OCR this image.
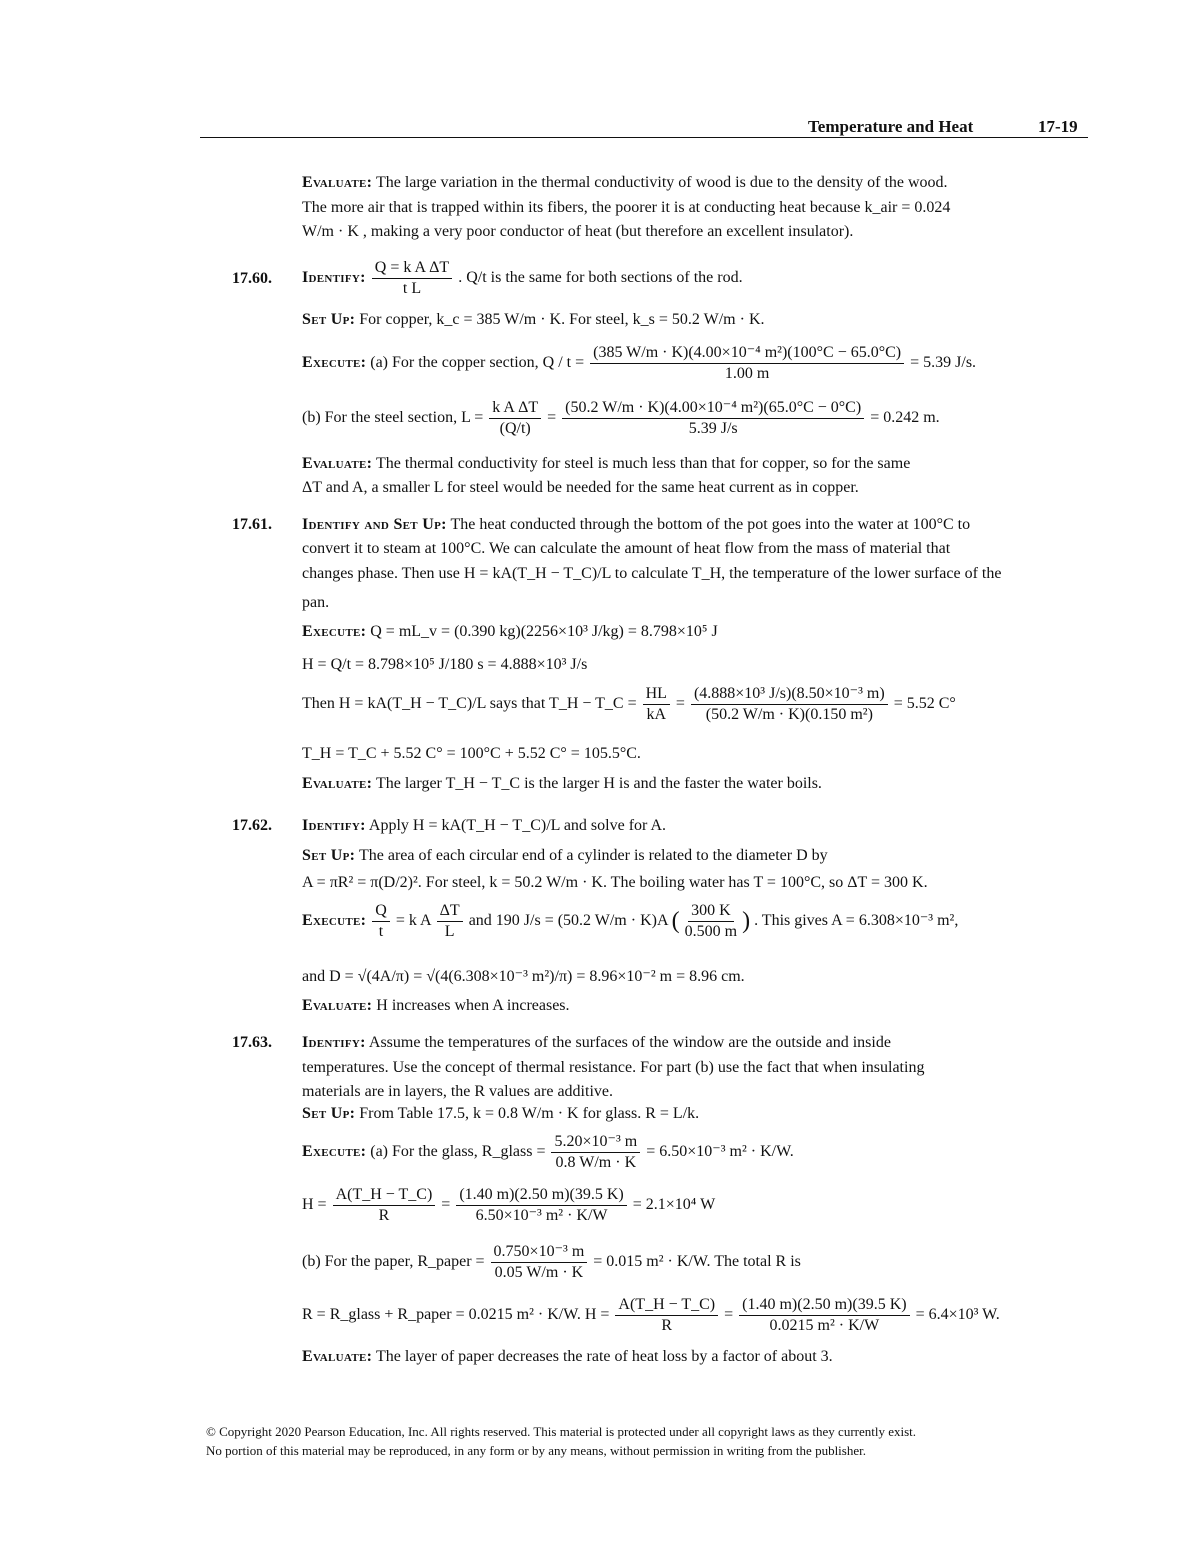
Temperature and Heat	17-19
Evaluate: The large variation in the thermal conductivity of wood is due to the density of the wood.
The more air that is trapped within its fibers, the poorer it is at conducting heat because k_air = 0.024
W/m · K , making a very poor conductor of heat (but therefore an excellent insulator).
17.60. Identify: $\frac{\text{Q = k A ΔT}}{\text{t L}}$ . Q/t is the same for both sections of the rod.
Set Up: For copper, k_c = 385 W/m · K. For steel, k_s = 50.2 W/m · K.
Execute: (a) For the copper section, $Q / t = \frac{\text{(385 W/m · K)(4.00×10⁻⁴ m²)(100°C − 65.0°C)}}{1.00 m} = 5.39$ J/s.
(b) For the steel section, $L = \frac{\text{k A ΔT}}{(Q/t)} = \frac{\text{(50.2 W/m · K)(4.00×10⁻⁴ m²)(65.0°C − 0°C)}}{5.39 J/s} = 0.242$ m.
Evaluate: The thermal conductivity for steel is much less than that for copper, so for the same
ΔT and A, a smaller L for steel would be needed for the same heat current as in copper.
17.61. Identify and Set Up: The heat conducted through the bottom of the pot goes into the water at 100°C to
convert it to steam at 100°C. We can calculate the amount of heat flow from the mass of material that
changes phase. Then use H = kA(T_H − T_C)/L to calculate T_H, the temperature of the lower surface of the
pan.
Execute: Q = mL_v = (0.390 kg)(2256×10³ J/kg) = 8.798×10⁵ J
H = Q/t = 8.798×10⁵ J/180 s = 4.888×10³ J/s
Then H = kA(T_H − T_C)/L says that T_H − T_C = $\frac{HL}{kA} = \frac{\text{(4.888×10³ J/s)(8.50×10⁻³ m)}}{\text{(50.2 W/m · K)(0.150 m²)}} = 5.52$ C°
T_H = T_C + 5.52 C° = 100°C + 5.52 C° = 105.5°C.
Evaluate: The larger T_H − T_C is the larger H is and the faster the water boils.
17.62. Identify: Apply H = kA(T_H − T_C)/L and solve for A.
Set Up: The area of each circular end of a cylinder is related to the diameter D by
A = πR² = π(D/2)². For steel, k = 50.2 W/m · K. The boiling water has T = 100°C, so ΔT = 300 K.
Execute: $\frac{Q}{t} = k$ A $\frac{\Delta T}{L}$ and 190 J/s = (50.2 W/m · K)A ( $\frac{300 K}{0.500 m}$ ) . This gives A = 6.308×10⁻³ m²,
and D = √(4A/π) = √(4(6.308×10⁻³ m²)/π) = 8.96×10⁻² m = 8.96 cm.
Evaluate: H increases when A increases.
17.63. Identify: Assume the temperatures of the surfaces of the window are the outside and inside
temperatures. Use the concept of thermal resistance. For part (b) use the fact that when insulating
materials are in layers, the R values are additive.
Set Up: From Table 17.5, k = 0.8 W/m · K for glass. R = L/k.
Execute: (a) For the glass, R_glass = $\frac{\text{5.20×10⁻³ m}}{0.8 W/m \cdot K} = 6.50\times 10^{-3}$ m² · K/W.
$H = \frac{A(T\_H - T\_C)}{R} = \frac{(1.40 m)(2.50 m)(39.5 K)}{\text{6.50×10⁻³ m² · K/W}} = 2.1\times 10^4$ W
(b) For the paper, R_paper = $\frac{\text{0.750×10⁻³ m}}{0.05 W/m \cdot K} = 0.015$ m² · K/W. The total R is
R = R_glass + R_paper = 0.0215 m² · K/W. $H = \frac{A(T\_H - T\_C)}{R} = \frac{(1.40 m)(2.50 m)(39.5 K)}{\text{0.0215 m² · K/W}} = 6.4\times 10^3$ W.
Evaluate: The layer of paper decreases the rate of heat loss by a factor of about 3.
© Copyright 2020 Pearson Education, Inc. All rights reserved. This material is protected under all copyright laws as they currently exist.
No portion of this material may be reproduced, in any form or by any means, without permission in writing from the publisher.
